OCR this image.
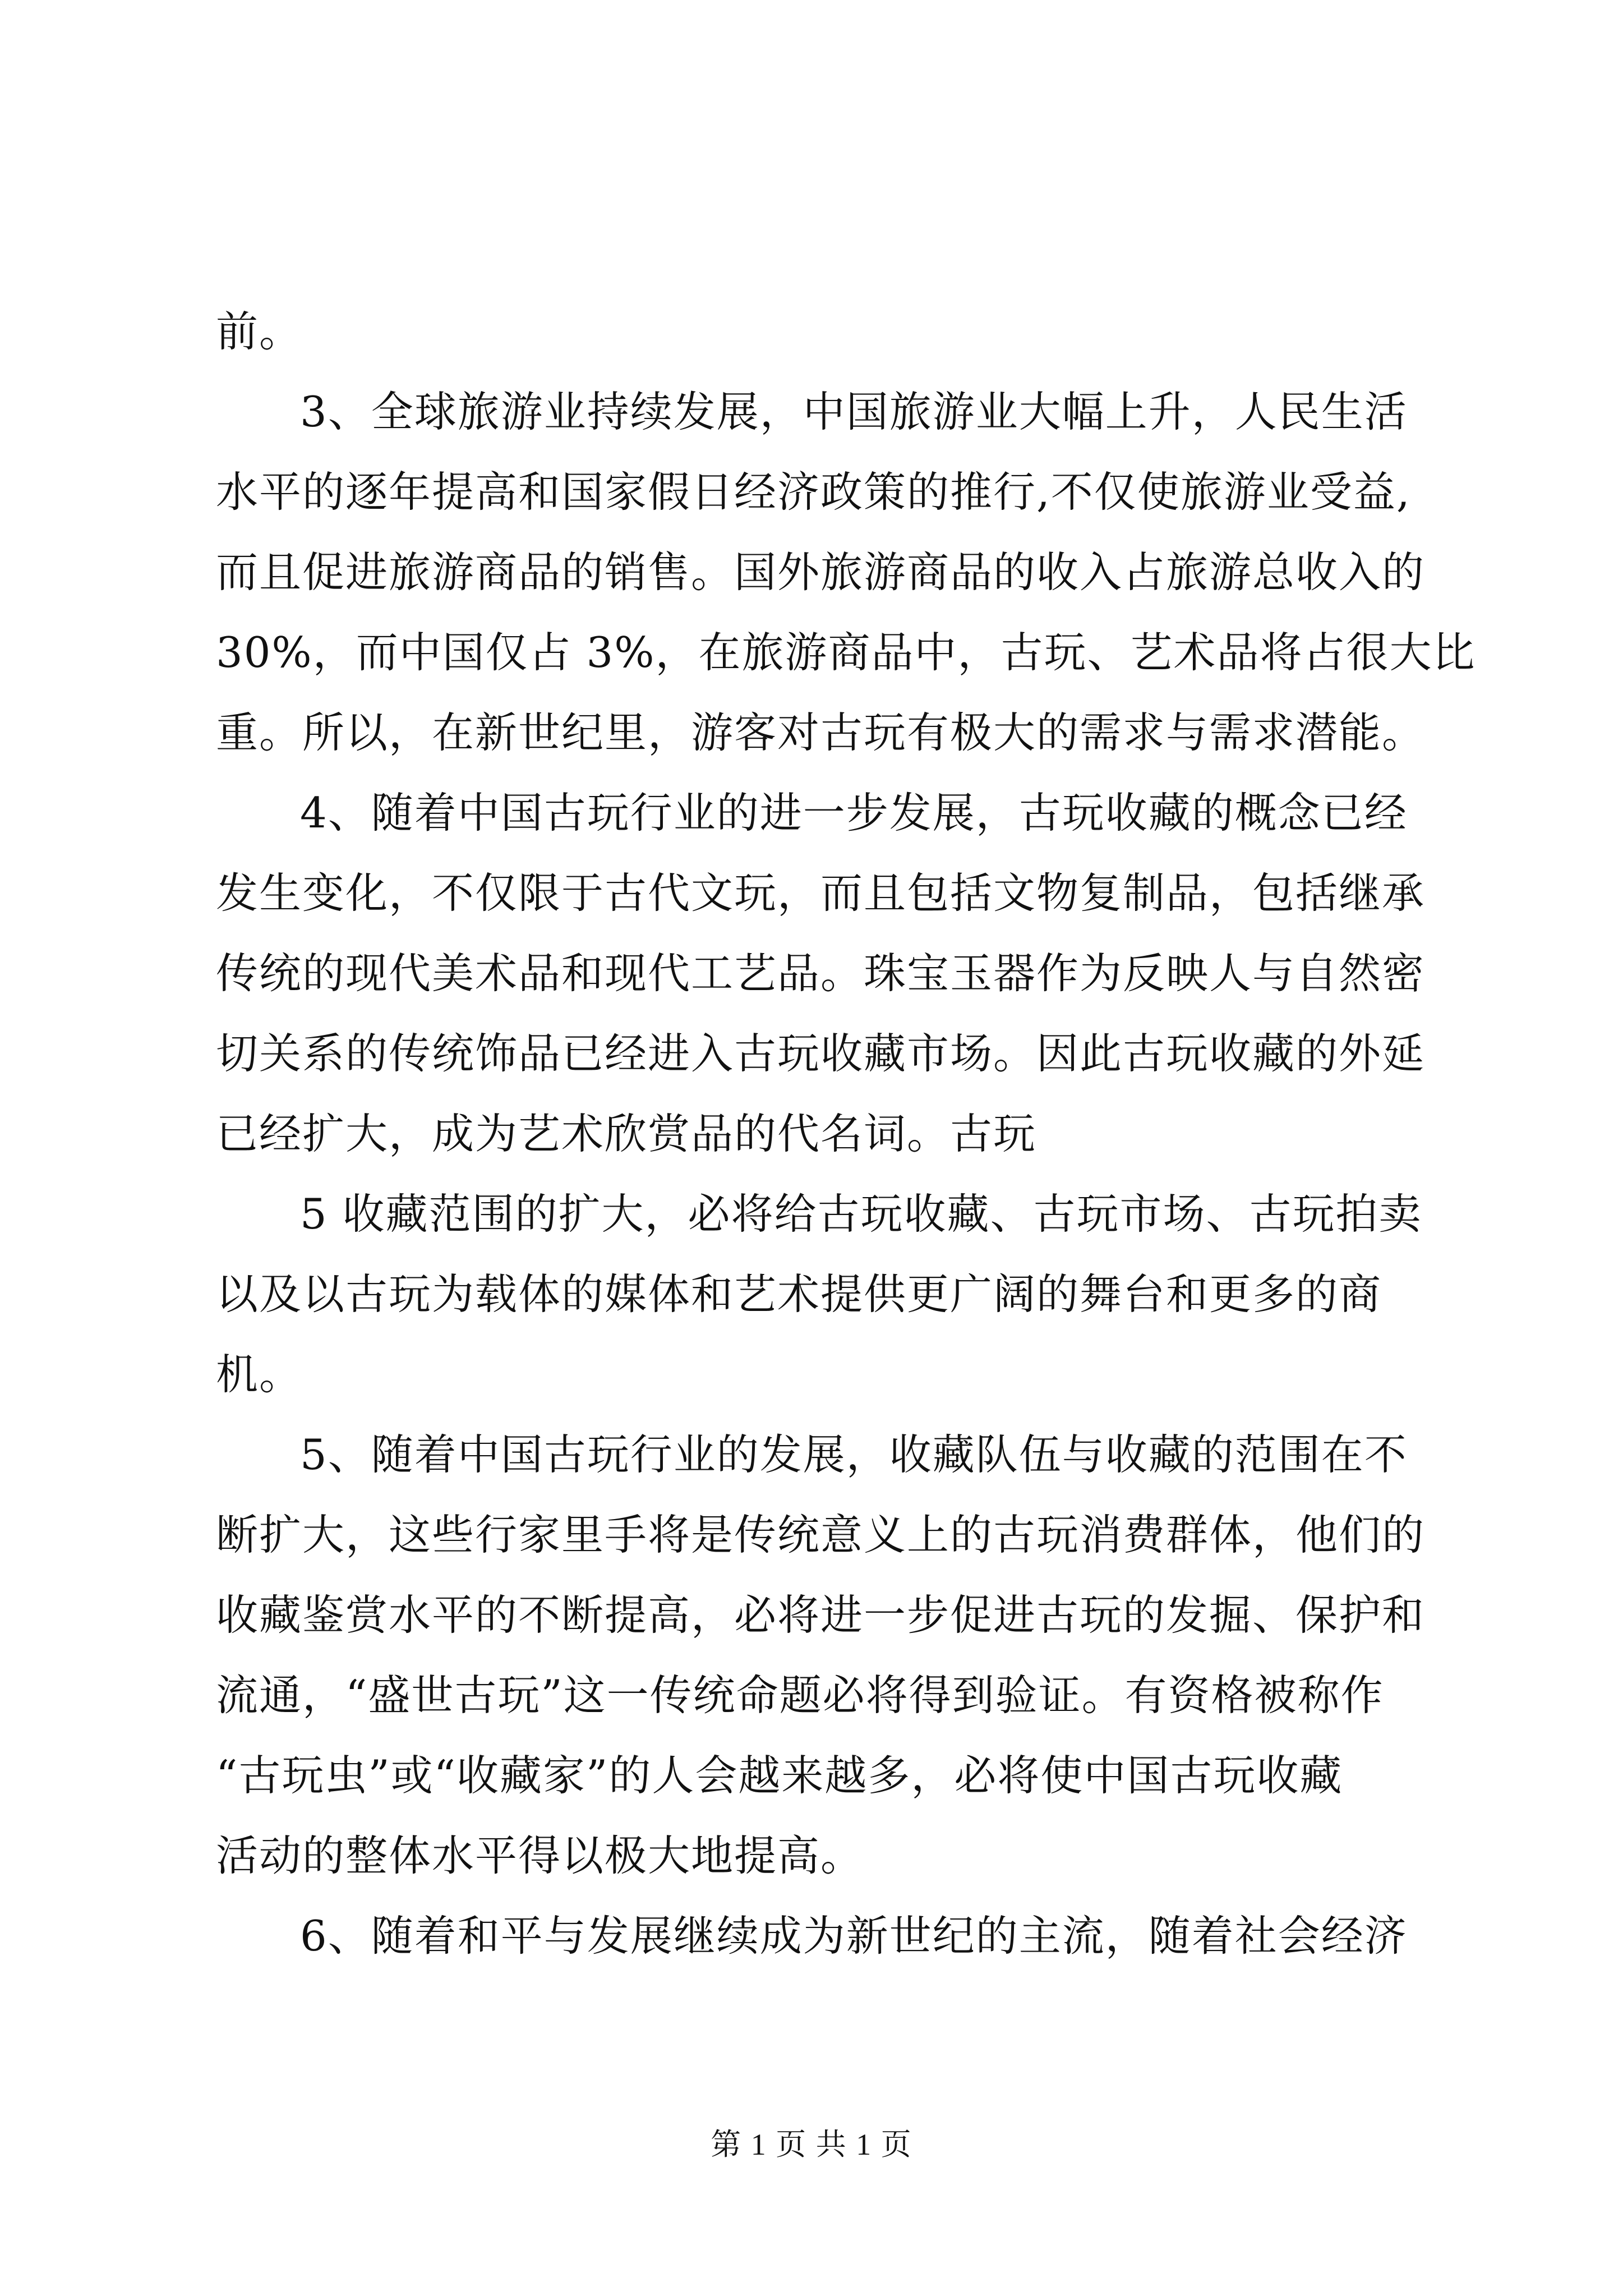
前。
3、全球旅游业持续发展，中国旅游业大幅上升，人民生活
水平的逐年提高和国家假日经济政策的推行,不仅使旅游业受益,
而且促进旅游商品的销售。国外旅游商品的收入占旅游总收入的
30%，而中国仅占 3%，在旅游商品中，古玩、艺术品将占很大比
重。所以，在新世纪里，游客对古玩有极大的需求与需求潜能。
4、随着中国古玩行业的进一步发展，古玩收藏的概念已经
发生变化，不仅限于古代文玩，而且包括文物复制品，包括继承
传统的现代美术品和现代工艺品。珠宝玉器作为反映人与自然密
切关系的传统饰品已经进入古玩收藏市场。因此古玩收藏的外延
已经扩大，成为艺术欣赏品的代名词。古玩
5 收藏范围的扩大，必将给古玩收藏、古玩市场、古玩拍卖
以及以古玩为载体的媒体和艺术提供更广阔的舞台和更多的商
机。
5、随着中国古玩行业的发展，收藏队伍与收藏的范围在不
断扩大，这些行家里手将是传统意义上的古玩消费群体，他们的
收藏鉴赏水平的不断提高，必将进一步促进古玩的发掘、保护和
流通，“盛世古玩”这一传统命题必将得到验证。有资格被称作
“古玩虫”或“收藏家”的人会越来越多，必将使中国古玩收藏
活动的整体水平得以极大地提高。
6、随着和平与发展继续成为新世纪的主流，随着社会经济
第 1 页 共 1 页
